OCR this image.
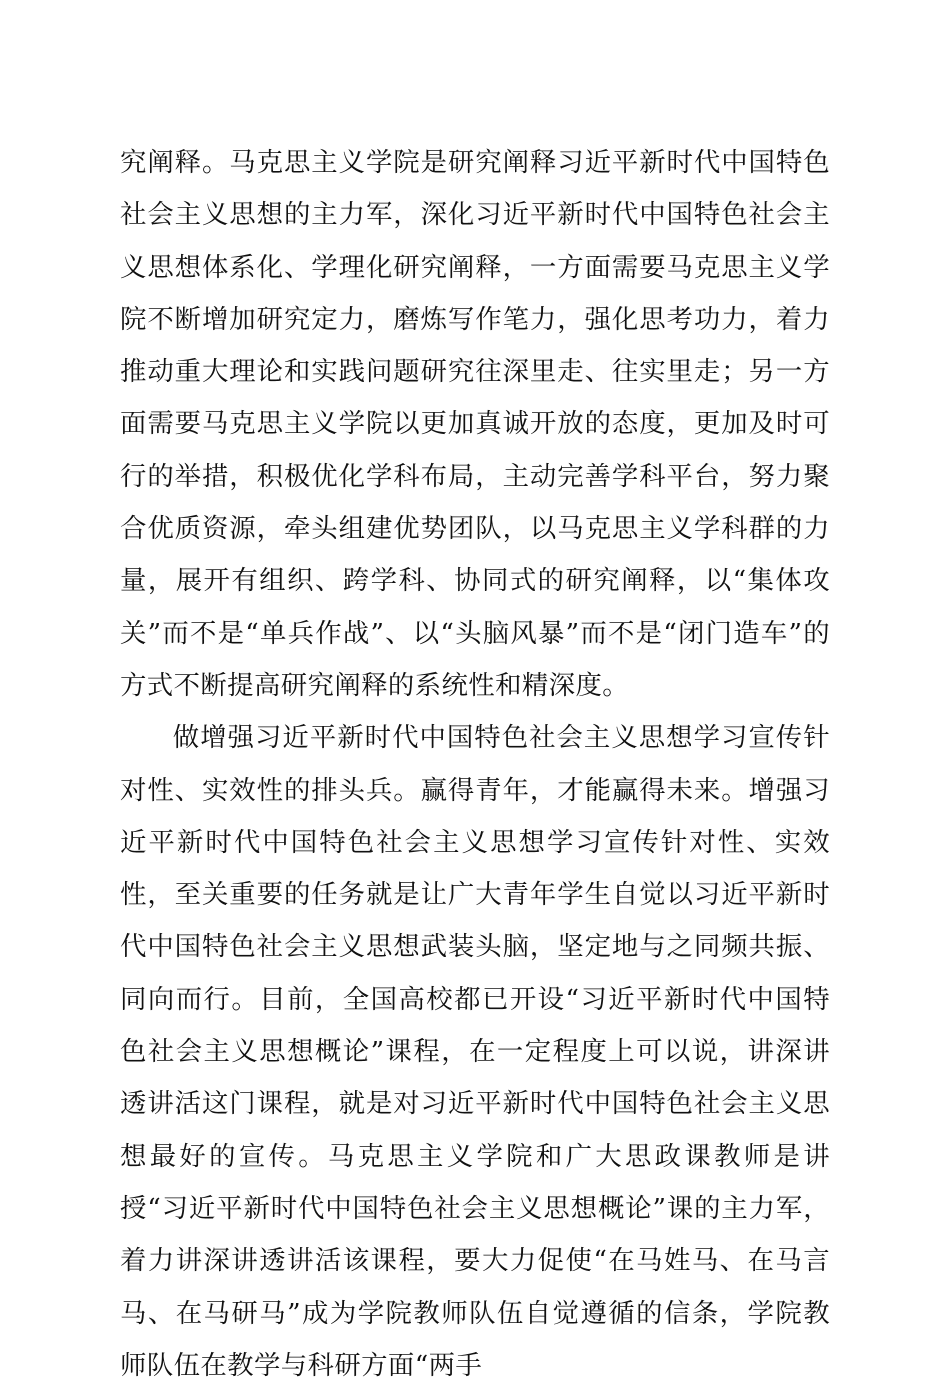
究阐释。马克思主义学院是研究阐释习近平新时代中国特色社会主义思想的主力军，深化习近平新时代中国特色社会主义思想体系化、学理化研究阐释，一方面需要马克思主义学院不断增加研究定力，磨炼写作笔力，强化思考功力，着力推动重大理论和实践问题研究往深里走、往实里走；另一方面需要马克思主义学院以更加真诚开放的态度，更加及时可行的举措，积极优化学科布局，主动完善学科平台，努力聚合优质资源，牵头组建优势团队，以马克思主义学科群的力量，展开有组织、跨学科、协同式的研究阐释，以“集体攻关”而不是“单兵作战”、以“头脑风暴”而不是“闭门造车”的方式不断提高研究阐释的系统性和精深度。

做增强习近平新时代中国特色社会主义思想学习宣传针对性、实效性的排头兵。赢得青年，才能赢得未来。增强习近平新时代中国特色社会主义思想学习宣传针对性、实效性，至关重要的任务就是让广大青年学生自觉以习近平新时代中国特色社会主义思想武装头脑，坚定地与之同频共振、同向而行。目前，全国高校都已开设“习近平新时代中国特色社会主义思想概论”课程，在一定程度上可以说，讲深讲透讲活这门课程，就是对习近平新时代中国特色社会主义思想最好的宣传。马克思主义学院和广大思政课教师是讲授“习近平新时代中国特色社会主义思想概论”课的主力军，着力讲深讲透讲活该课程，要大力促使“在马姓马、在马言马、在马研马”成为学院教师队伍自觉遵循的信条，学院教师队伍在教学与科研方面“两手
